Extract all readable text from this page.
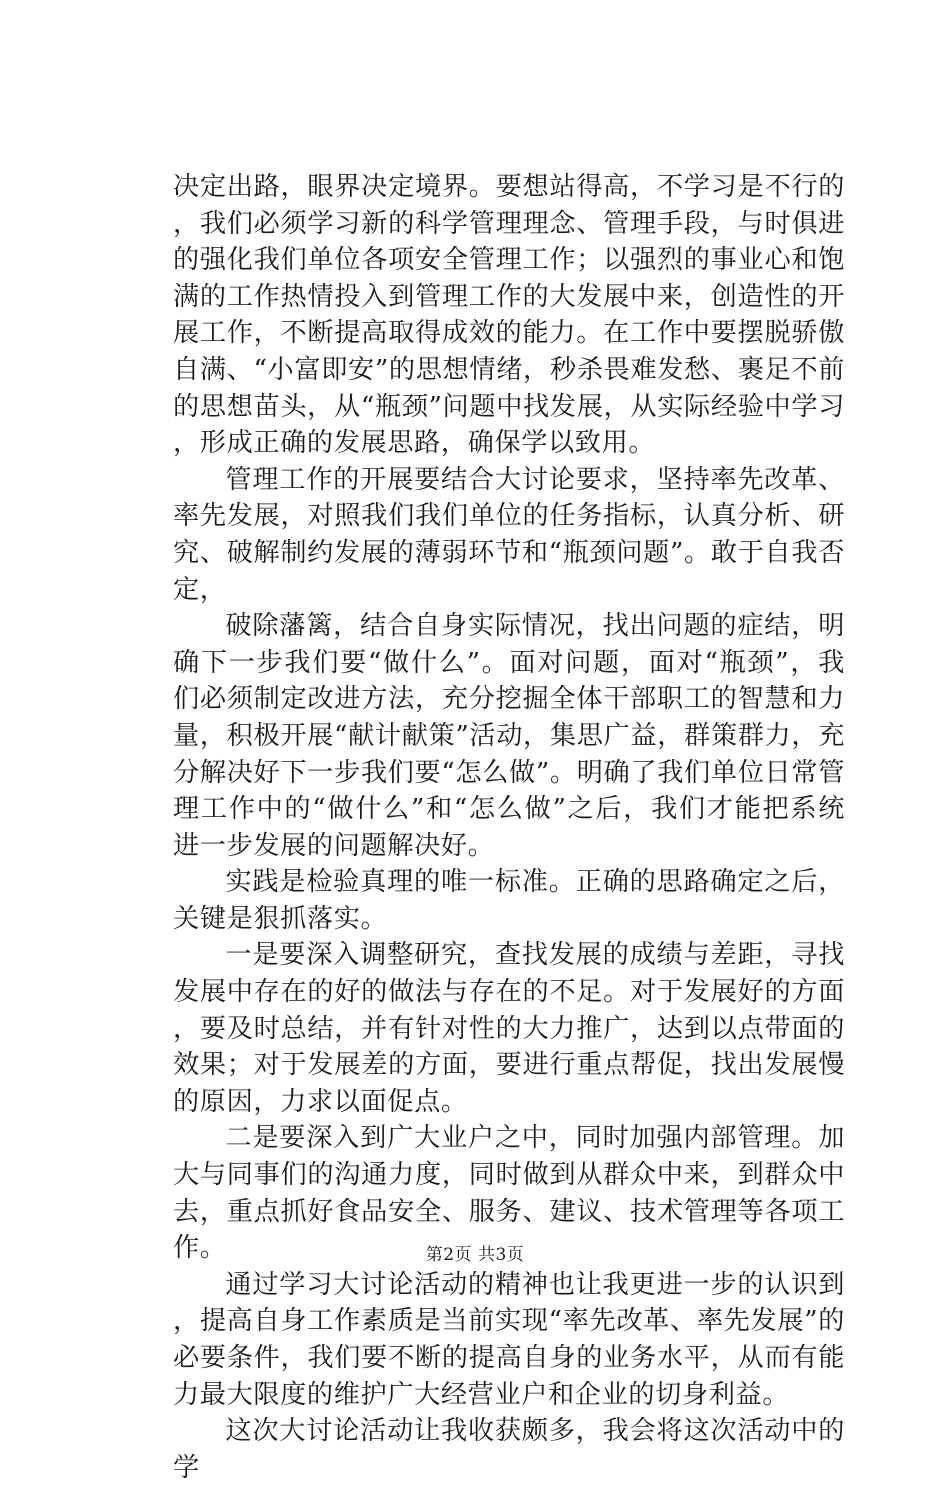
决定出路，眼界决定境界。要想站得高，不学习是不行的，我们必须学习新的科学管理理念、管理手段，与时俱进的强化我们单位各项安全管理工作；以强烈的事业心和饱满的工作热情投入到管理工作的大发展中来，创造性的开展工作，不断提高取得成效的能力。在工作中要摆脱骄傲自满、“小富即安”的思想情绪，秒杀畏难发愁、裹足不前的思想苗头，从“瓶颈”问题中找发展，从实际经验中学习，形成正确的发展思路，确保学以致用。

管理工作的开展要结合大讨论要求，坚持率先改革、率先发展，对照我们我们单位的任务指标，认真分析、研究、破解制约发展的薄弱环节和“瓶颈问题”。敢于自我否定，

破除藩篱，结合自身实际情况，找出问题的症结，明确下一步我们要“做什么”。面对问题，面对“瓶颈”，我们必须制定改进方法，充分挖掘全体干部职工的智慧和力量，积极开展“献计献策”活动，集思广益，群策群力，充分解决好下一步我们要“怎么做”。明确了我们单位日常管理工作中的“做什么”和“怎么做”之后，我们才能把系统进一步发展的问题解决好。

实践是检验真理的唯一标准。正确的思路确定之后，关键是狠抓落实。

一是要深入调整研究，查找发展的成绩与差距，寻找发展中存在的好的做法与存在的不足。对于发展好的方面，要及时总结，并有针对性的大力推广，达到以点带面的效果；对于发展差的方面，要进行重点帮促，找出发展慢的原因，力求以面促点。

二是要深入到广大业户之中，同时加强内部管理。加大与同事们的沟通力度，同时做到从群众中来，到群众中去，重点抓好食品安全、服务、建议、技术管理等各项工作。

通过学习大讨论活动的精神也让我更进一步的认识到，提高自身工作素质是当前实现“率先改革、率先发展”的必要条件，我们要不断的提高自身的业务水平，从而有能力最大限度的维护广大经营业户和企业的切身利益。

这次大讨论活动让我收获颇多，我会将这次活动中的学

第2页 共3页
